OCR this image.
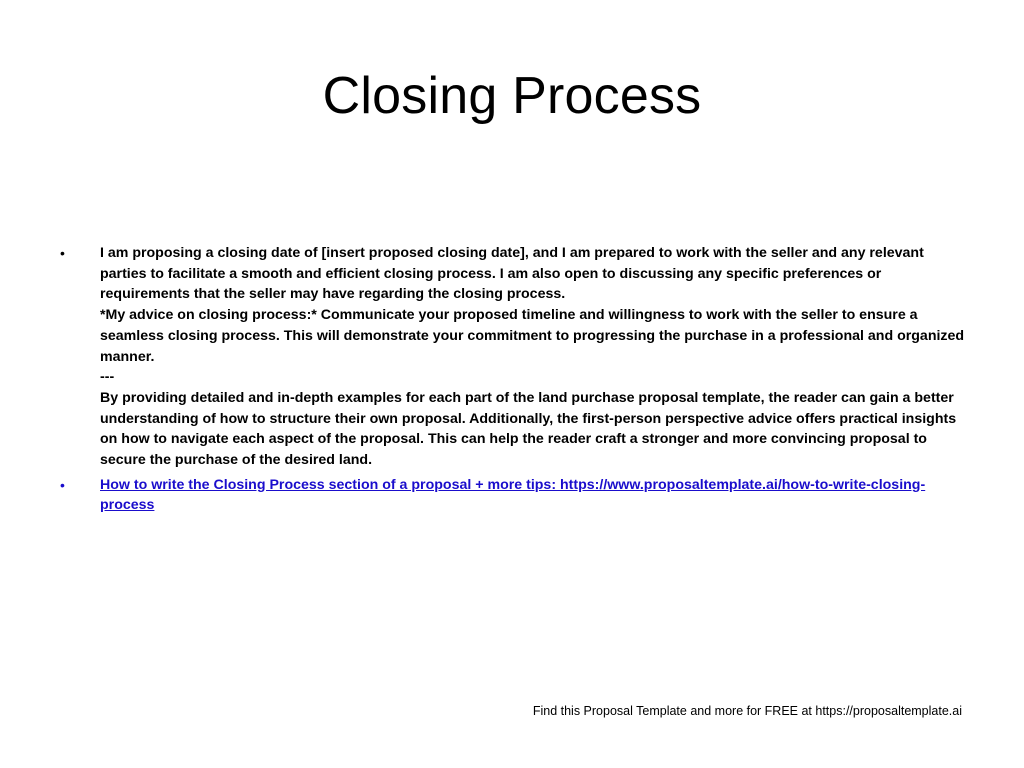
Closing Process
• I am proposing a closing date of [insert proposed closing date], and I am prepared to work with the seller and any relevant parties to facilitate a smooth and efficient closing process. I am also open to discussing any specific preferences or requirements that the seller may have regarding the closing process.
*My advice on closing process:* Communicate your proposed timeline and willingness to work with the seller to ensure a seamless closing process. This will demonstrate your commitment to progressing the purchase in a professional and organized manner.
---
By providing detailed and in-depth examples for each part of the land purchase proposal template, the reader can gain a better understanding of how to structure their own proposal. Additionally, the first-person perspective advice offers practical insights on how to navigate each aspect of the proposal. This can help the reader craft a stronger and more convincing proposal to secure the purchase of the desired land.
• How to write the Closing Process section of a proposal + more tips: https://www.proposaltemplate.ai/how-to-write-closing-process
Find this Proposal Template and more for FREE at https://proposaltemplate.ai
